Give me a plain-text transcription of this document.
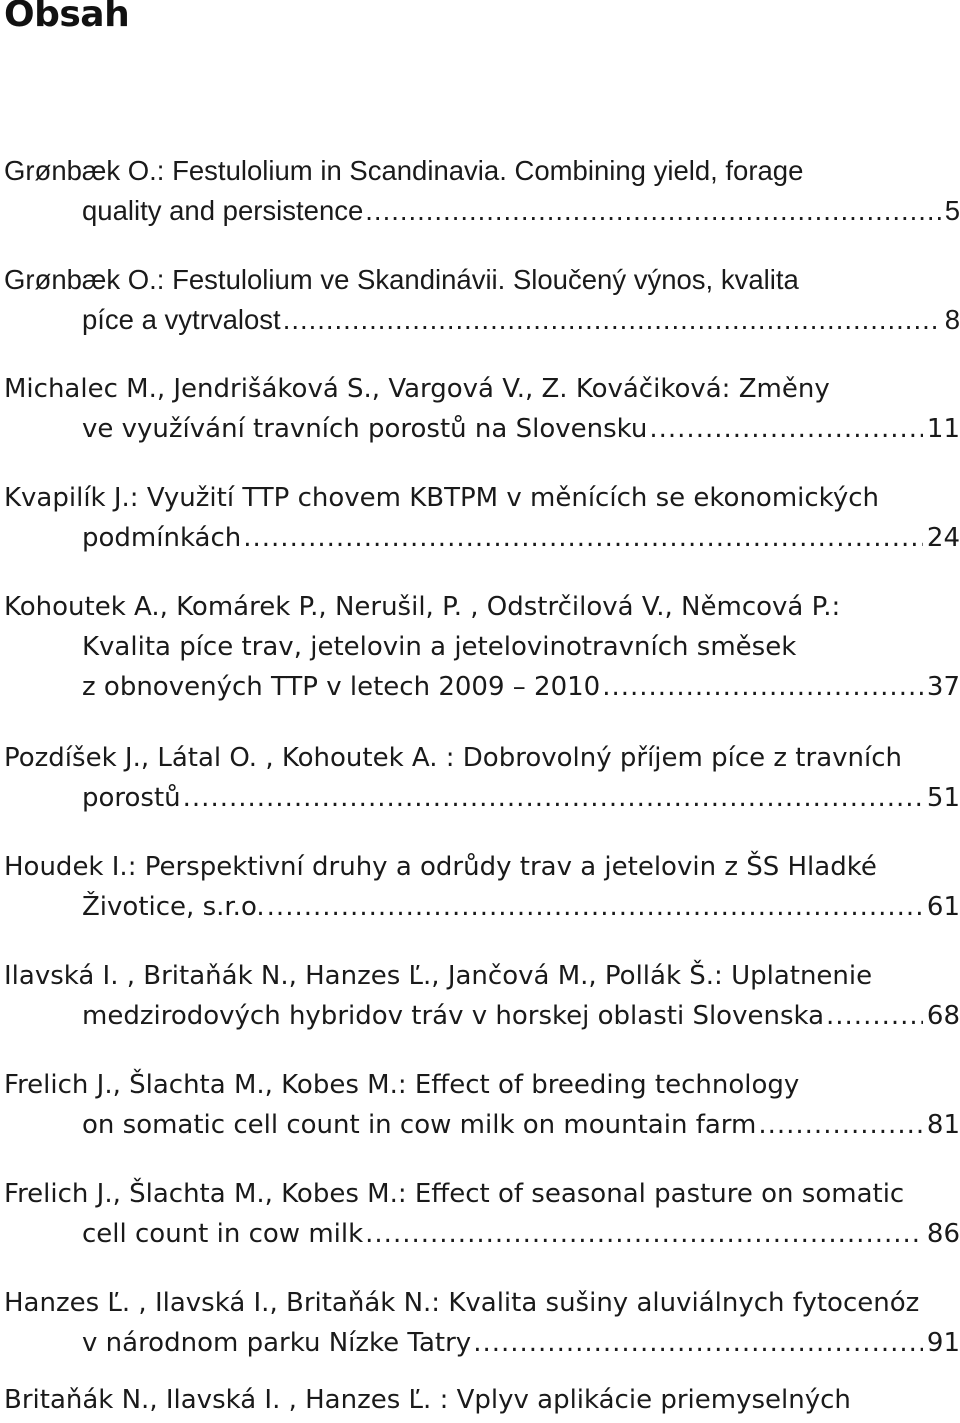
Obsah
Grønbæk O.: Festulolium in Scandinavia. Combining yield, forage
quality and persistence .....	5
Grønbæk O.: Festulolium ve Skandinávii. Sloučený výnos, kvalita
píce a vytrvalost .....	8
Michalec M., Jendrišáková S., Vargová V., Z. Kováčiková: Změny
ve využívání travních porostů na Slovensku .....	11
Kvapilík J.: Využití TTP chovem KBTPM v měnících se ekonomických
podmínkách .....	24
Kohoutek A., Komárek P., Nerušil, P. , Odstrčilová V., Němcová P.:
Kvalita píce trav, jetelovin a jetelovinotravních směsek
z obnovených TTP v letech 2009 – 2010 .....	37
Pozdíšek J., Látal O. , Kohoutek A. : Dobrovolný příjem píce z travních
porostů .....	51
Houdek I.: Perspektivní druhy a odrůdy trav a jetelovin z ŠS Hladké
Životice, s.r.o. .....	61
Ilavská I. , Britaňák N., Hanzes Ľ., Jančová M., Pollák Š.: Uplatnenie
medzirodových hybridov tráv v horskej oblasti Slovenska .....	68
Frelich J., Šlachta M., Kobes M.: Effect of breeding technology
on somatic cell count in cow milk on mountain farm .....	81
Frelich J., Šlachta M., Kobes M.: Effect of seasonal pasture on somatic
cell count in cow milk .....	86
Hanzes Ľ. , Ilavská I., Britaňák N.: Kvalita sušiny aluviálnych fytocenóz
v národnom parku Nízke Tatry .....	91
Britaňák N., Ilavská I. , Hanzes Ľ. : Vplyv aplikácie priemyselných
